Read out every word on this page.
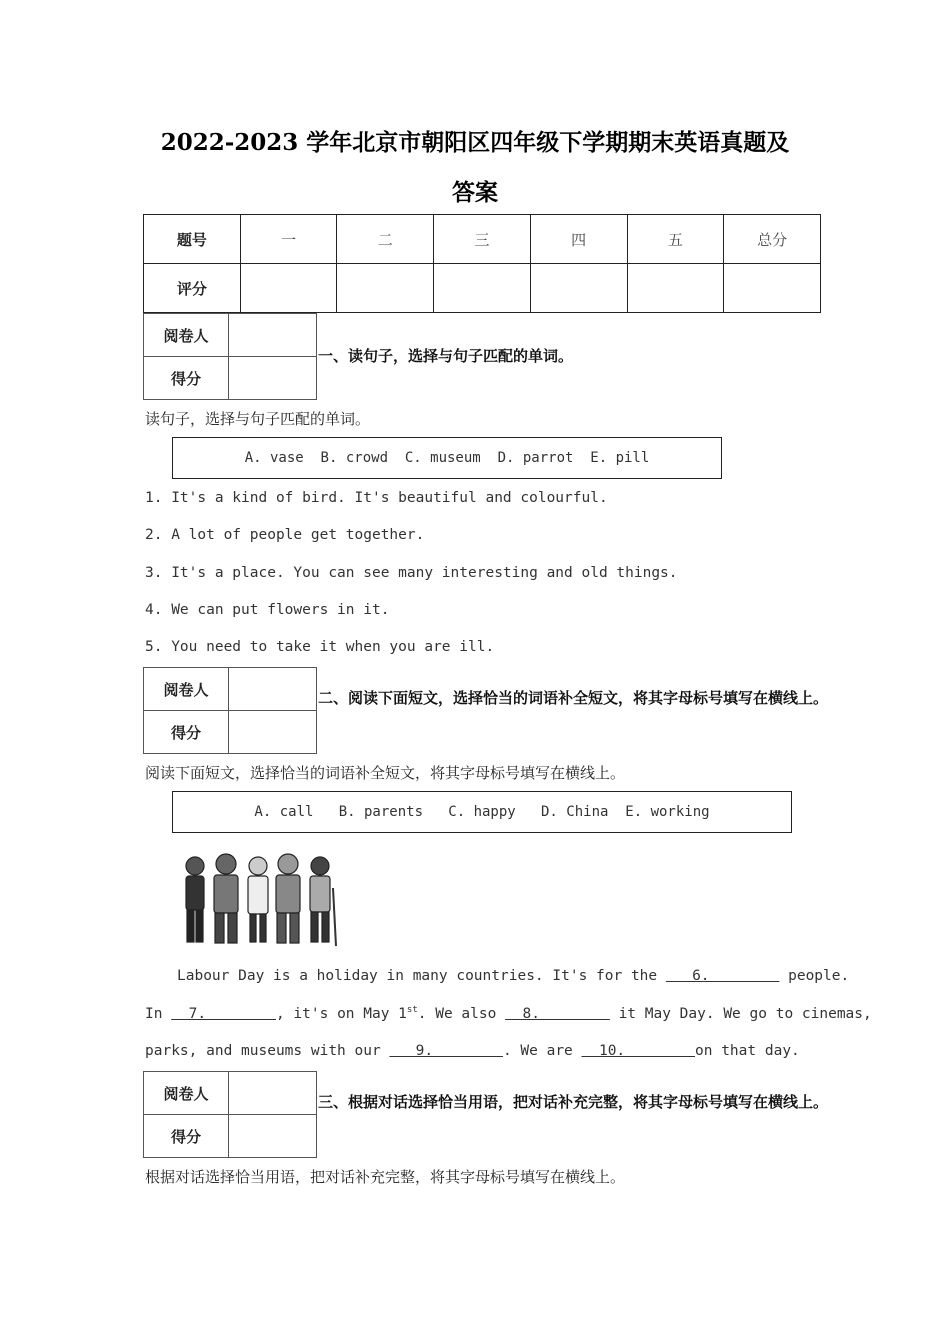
2022-2023 学年北京市朝阳区四年级下学期期末英语真题及
答案
题号	一	二	三	四	五	总分
评分						
阅卷人	
得分	
一、读句子，选择与句子匹配的单词。
读句子，选择与句子匹配的单词。
A. vase  B. crowd  C. museum  D. parrot  E. pill
1. It's a kind of bird. It's beautiful and colourful.
2. A lot of people get together.
3. It's a place. You can see many interesting and old things.
4. We can put flowers in it.
5. You need to take it when you are ill.
阅卷人	
得分	
二、阅读下面短文，选择恰当的词语补全短文，将其字母标号填写在横线上。
阅读下面短文，选择恰当的词语补全短文，将其字母标号填写在横线上。
A. call   B. parents   C. happy   D. China  E. working
Labour Day is a holiday in many countries. It's for the    6.         people.
In   7.        , it's on May 1st. We also   8.         it May Day. We go to cinemas,
parks, and museums with our    9.        . We are   10.        on that day.
阅卷人	
得分	
三、根据对话选择恰当用语，把对话补充完整，将其字母标号填写在横线上。
根据对话选择恰当用语，把对话补充完整，将其字母标号填写在横线上。
